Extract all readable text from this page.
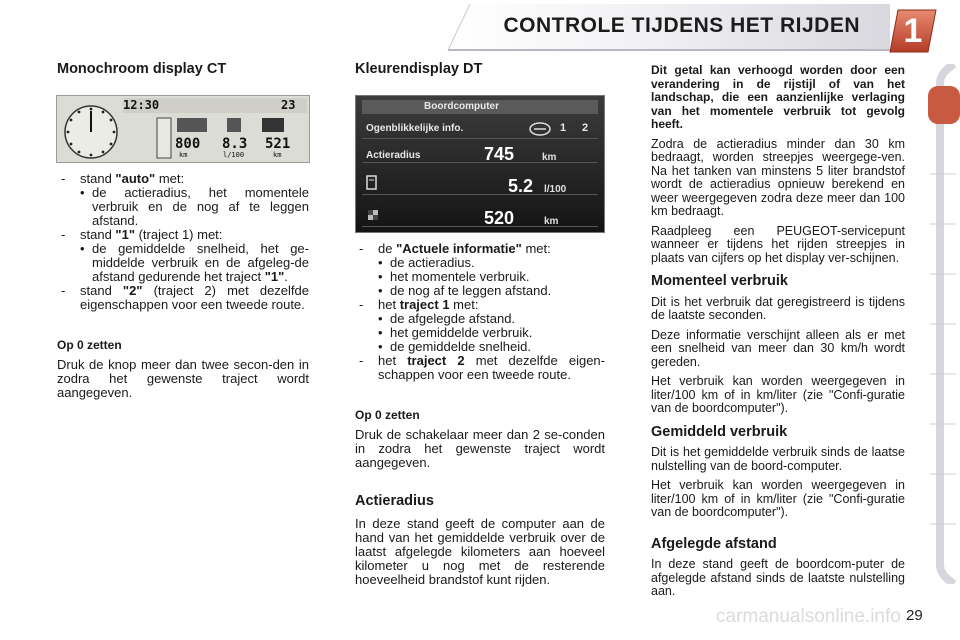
CONTROLE TIJDENS HET RIJDEN	1
Monochroom display CT
12:30	23
800 8.3 521
km	l/100	km
- stand "auto" met:
• de actieradius, het momentele verbruik en de nog af te leggen afstand.
- stand "1" (traject 1) met:
• de gemiddelde snelheid, het ge-middelde verbruik en de afgeleg-de afstand gedurende het traject "1".
- stand "2" (traject 2) met dezelfde eigenschappen voor een tweede route.
Op 0 zetten

Druk de knop meer dan twee secon-den in zodra het gewenste traject wordt aangegeven.

Kleurendisplay DT
Boordcomputer
Ogenblikkelijke info.	1 2
Actieradius	745	km
5.2 l/100
520	km
- de "Actuele informatie" met:
• de actieradius.
• het momentele verbruik.
• de nog af te leggen afstand.
- het traject 1 met:
• de afgelegde afstand.
• het gemiddelde verbruik.
• de gemiddelde snelheid.
- het traject 2 met dezelfde eigen-schappen voor een tweede route.
Op 0 zetten

Druk de schakelaar meer dan 2 se-conden in zodra het gewenste traject wordt aangegeven.

Actieradius

In deze stand geeft de computer aan de hand van het gemiddelde verbruik over de laatst afgelegde kilometers aan hoeveel kilometer u nog met de resterende hoeveelheid brandstof kunt rijden.

Dit getal kan verhoogd worden door een verandering in de rijstijl of van het landschap, die een aanzienlijke verlaging van het momentele verbruik tot gevolg heeft.

Zodra de actieradius minder dan 30 km bedraagt, worden streepjes weergege-ven. Na het tanken van minstens 5 liter brandstof wordt de actieradius opnieuw berekend en weer weergegeven zodra deze meer dan 100 km bedraagt.

Raadpleeg een PEUGEOT-servicepunt wanneer er tijdens het rijden streepjes in plaats van cijfers op het display ver-schijnen.

Momenteel verbruik

Dit is het verbruik dat geregistreerd is tijdens de laatste seconden.

Deze informatie verschijnt alleen als er met een snelheid van meer dan 30 km/h wordt gereden.

Het verbruik kan worden weergegeven in liter/100 km of in km/liter (zie "Confi-guratie van de boordcomputer").

Gemiddeld verbruik

Dit is het gemiddelde verbruik sinds de laatse nulstelling van de boord-computer.

Het verbruik kan worden weergegeven in liter/100 km of in km/liter (zie "Confi-guratie van de boordcomputer").

Afgelegde afstand

In deze stand geeft de boordcom-puter de afgelegde afstand sinds de laatste nulstelling aan.

carmanualsonline.info 29
